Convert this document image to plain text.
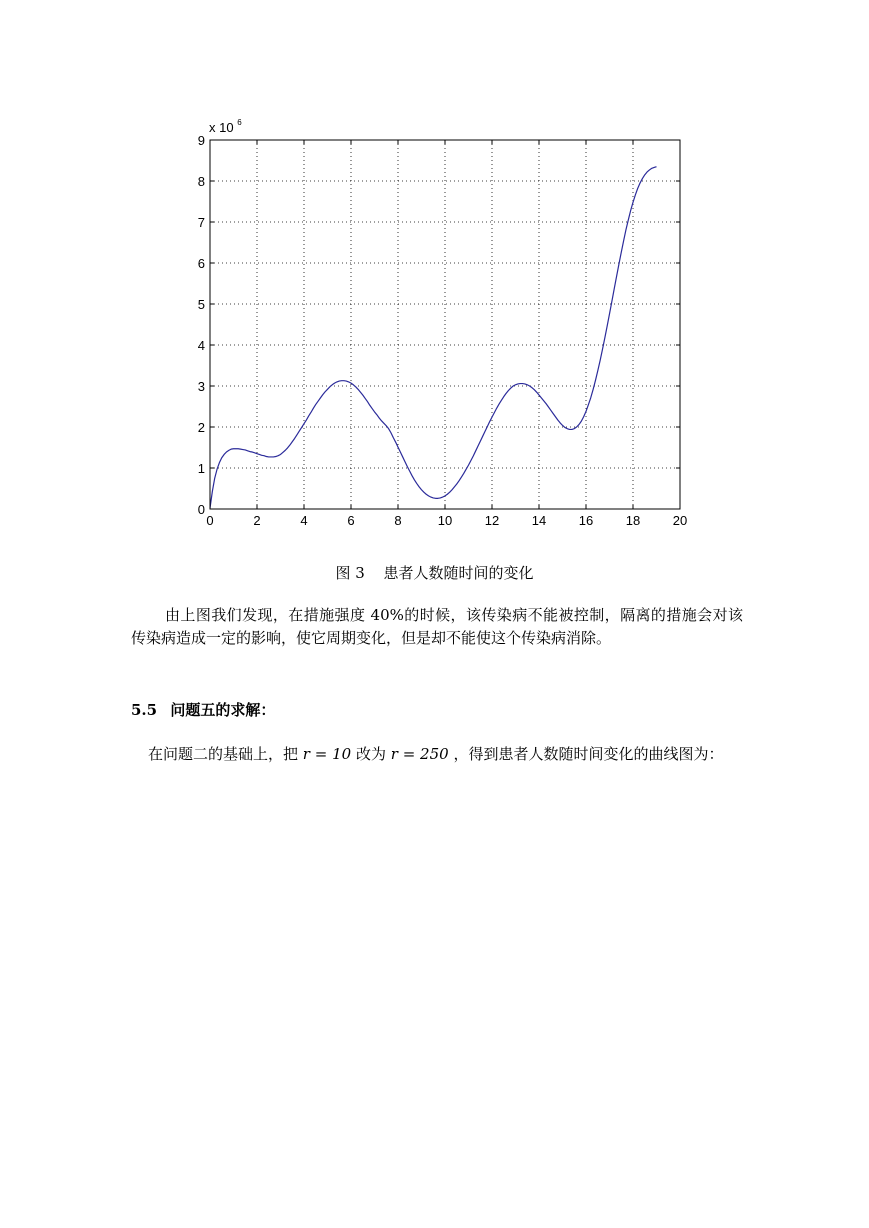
0	2	4	6	8	10	12	14	16	18	20
0
1
2
3
4
5
6
7
8
9
x 10 $^6$
图 3 患者人数随时间的变化
由上图我们发现，在措施强度 40%的时候，该传染病不能被控制，隔离的措施会对该传染病造成一定的影响，使它周期变化，但是却不能使这个传染病消除。
5.5 问题五的求解：
在问题二的基础上，把 r = 10 改为 r = 250 ，得到患者人数随时间变化的曲线图为：
